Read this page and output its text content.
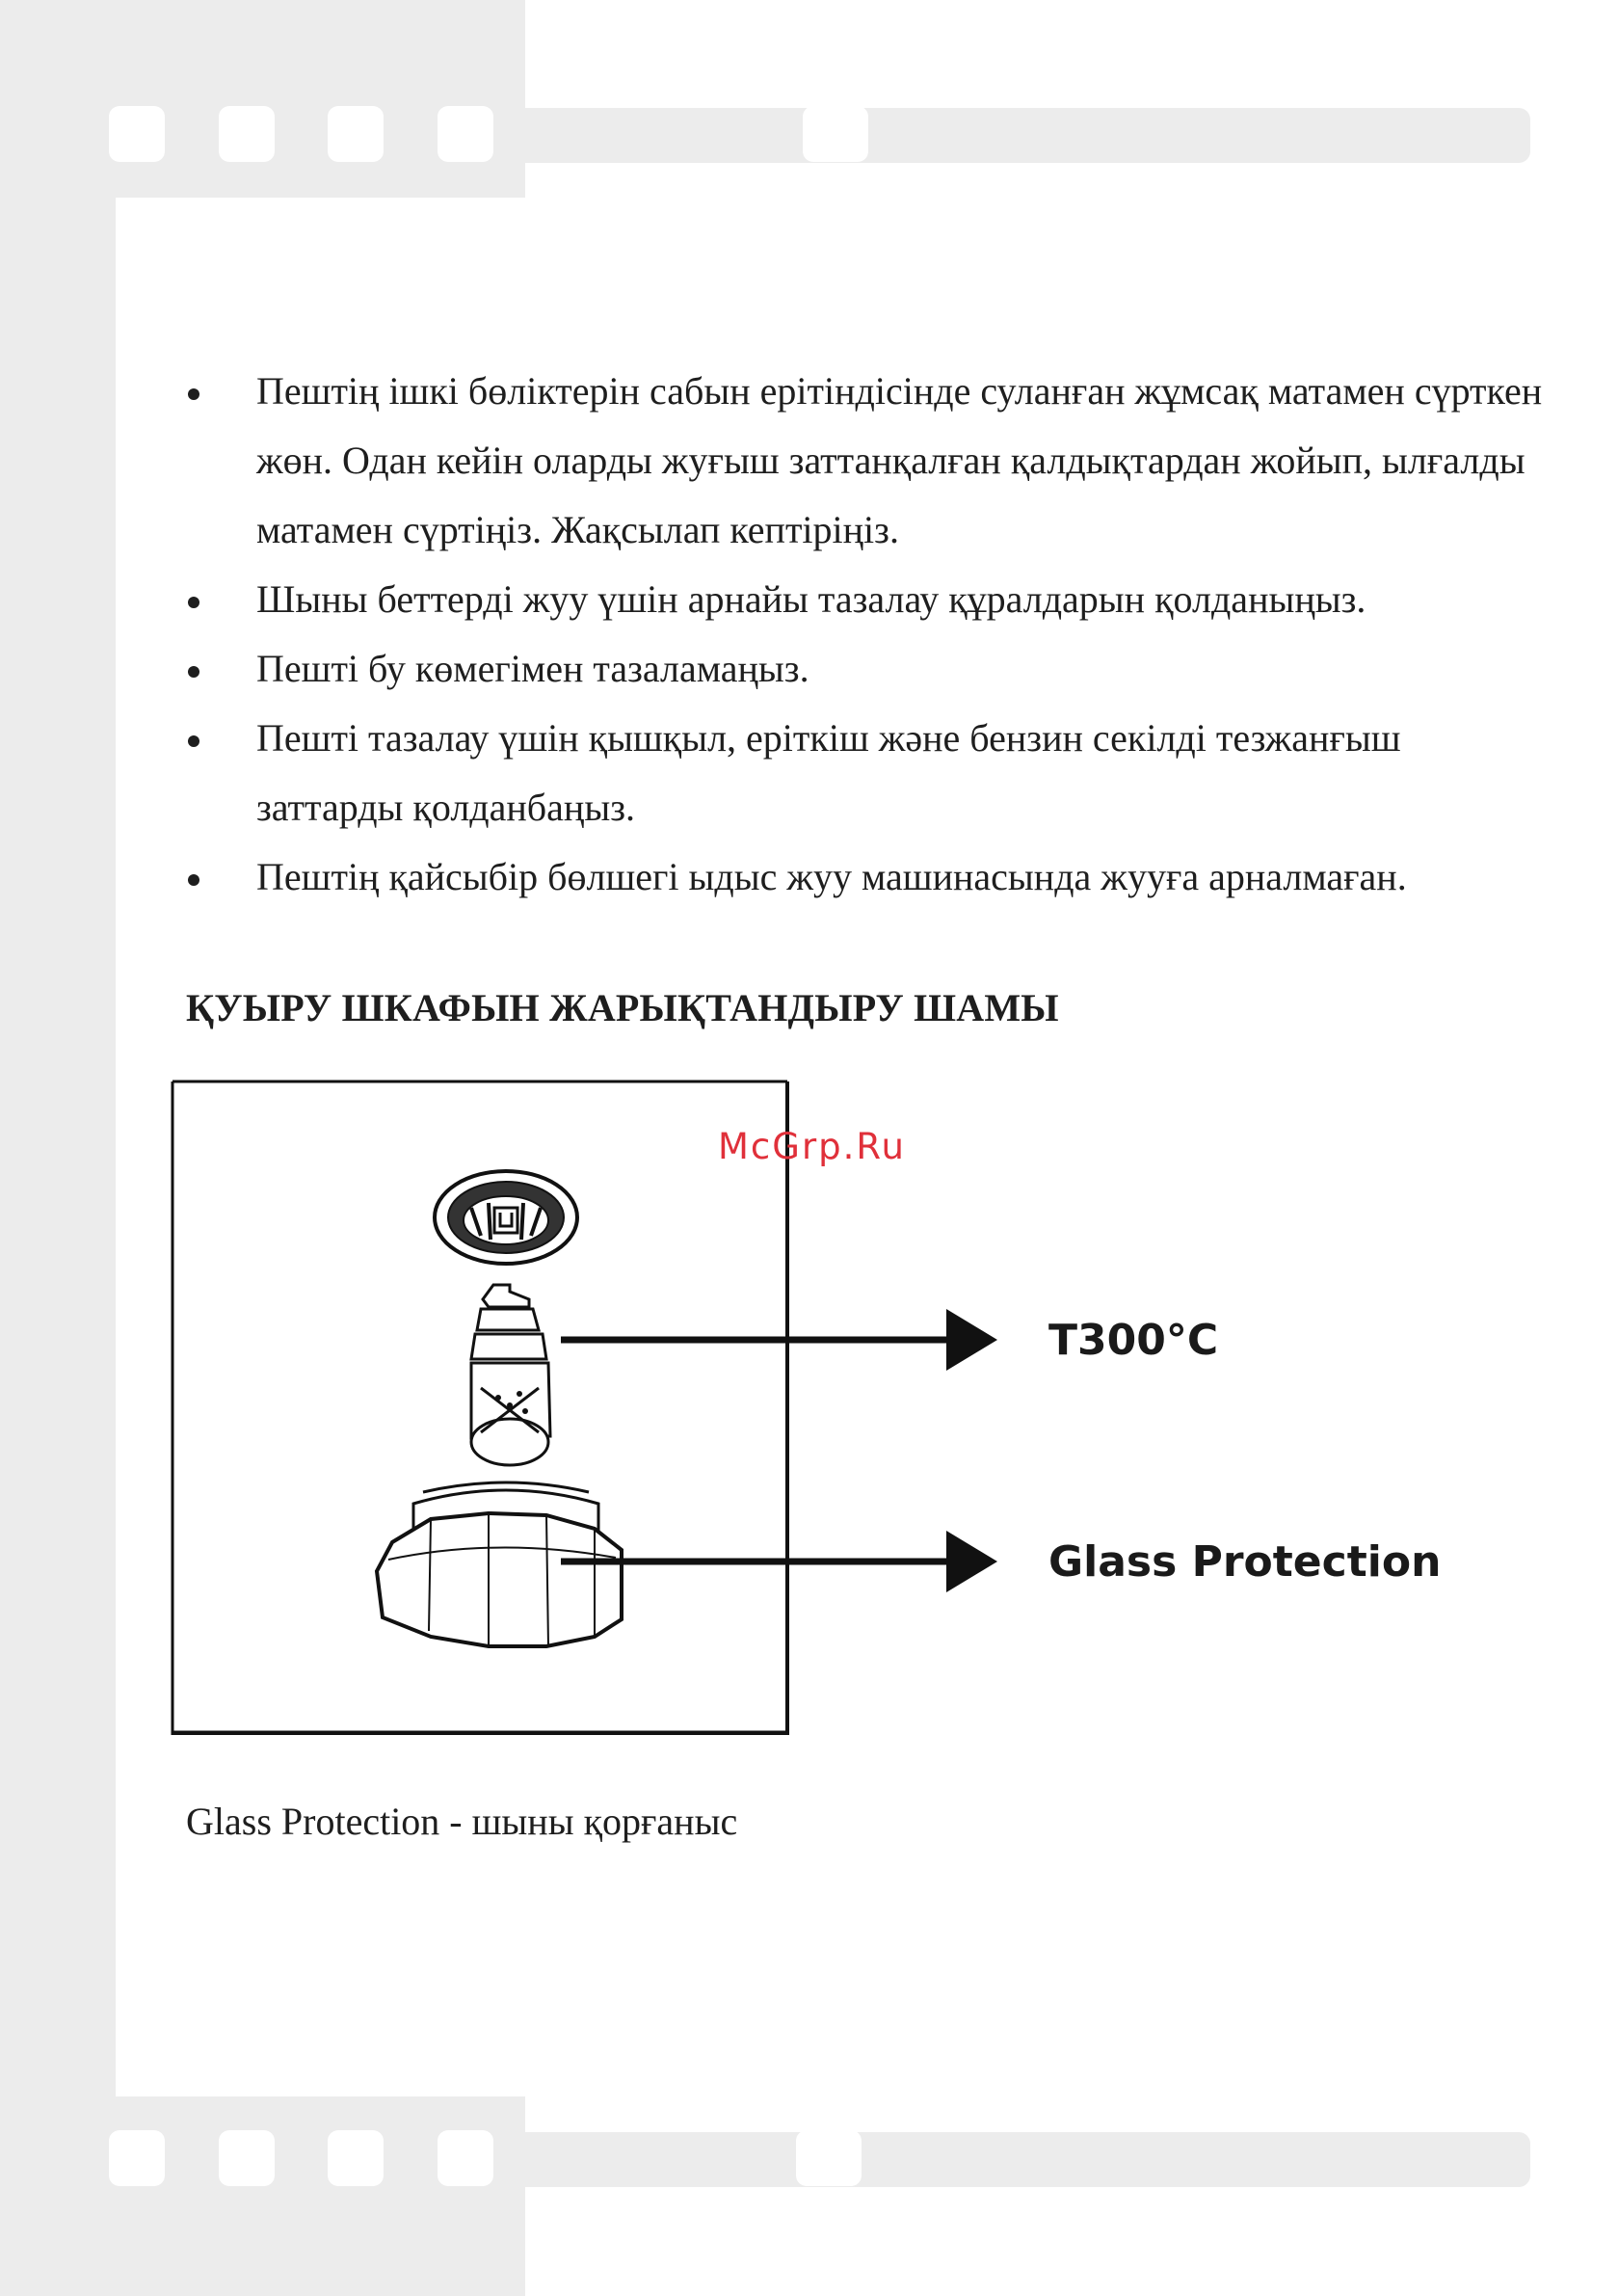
Пештің ішкі бөліктерін сабын ерітіндісінде суланған жұмсақ матамен сүрткен жөн. Одан кейін оларды жуғыш заттанқалған қалдықтардан жойып, ылғалды матамен сүртіңіз. Жақсылап кептіріңіз.
Шыны беттерді жуу үшін арнайы тазалау құралдарын қолданыңыз.
Пешті бу көмегімен тазаламаңыз.
Пешті тазалау үшін қышқыл, еріткіш және бензин секілді тезжанғыш заттарды қолданбаңыз.
Пештің қайсыбір бөлшегі ыдыс жуу машинасында жууға арналмаған.
ҚУЫРУ ШКАФЫН ЖАРЫҚТАНДЫРУ ШАМЫ
McGrp.Ru
T300°C
Glass Protection

Glass Protection - шыны қорғаныс
